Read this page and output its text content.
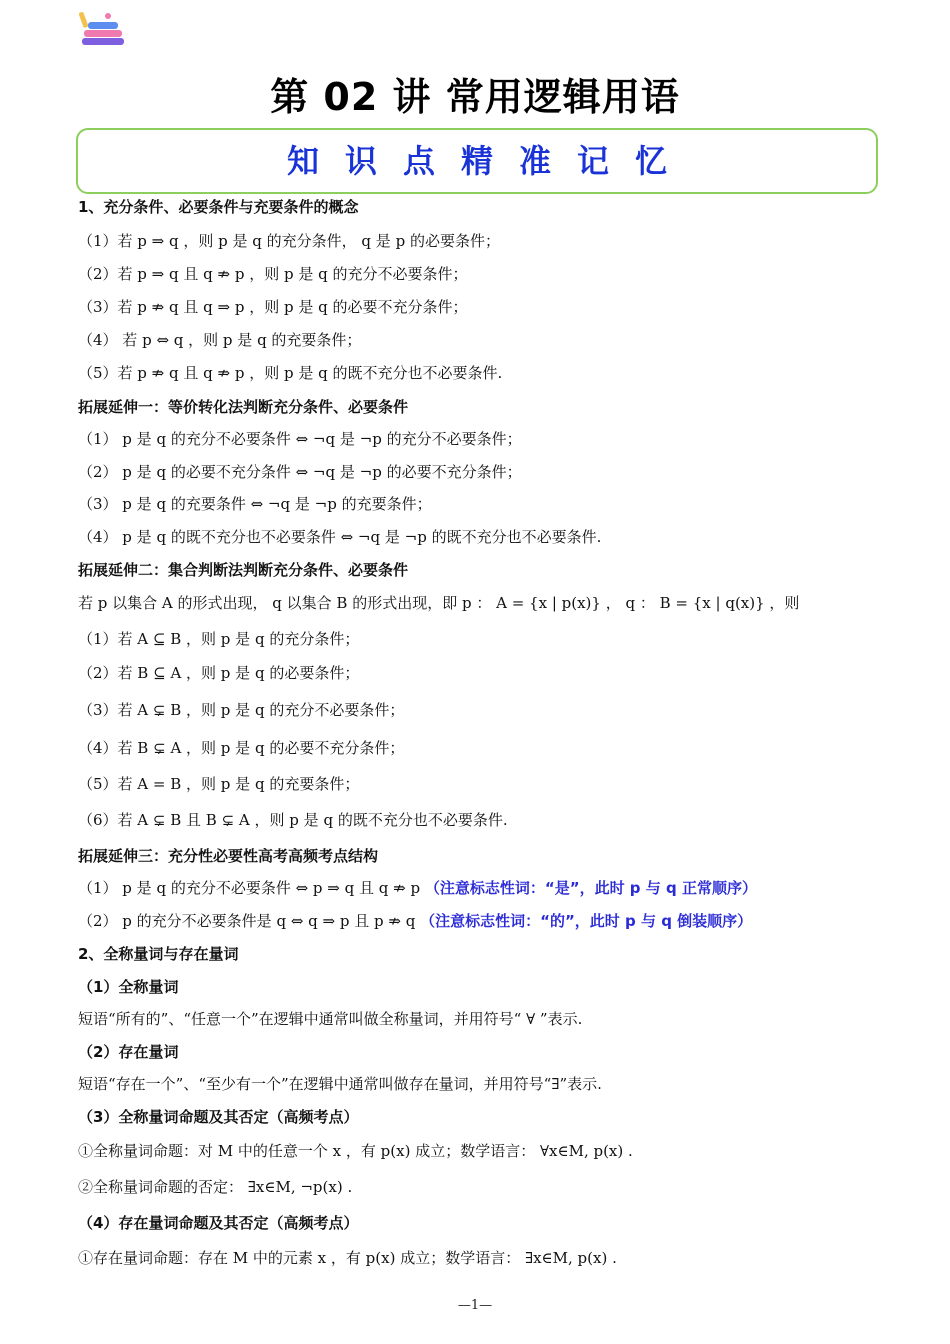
第 02 讲 常用逻辑用语
知识点精准记忆
1、充分条件、必要条件与充要条件的概念
（1）若 p ⇒ q ，则 p 是 q 的充分条件， q 是 p 的必要条件；
（2）若 p ⇒ q 且 q ⇏ p ，则 p 是 q 的充分不必要条件；
（3）若 p ⇏ q 且 q ⇒ p ，则 p 是 q 的必要不充分条件；
（4） 若 p ⇔ q ，则 p 是 q 的充要条件；
（5）若 p ⇏ q 且 q ⇏ p ，则 p 是 q 的既不充分也不必要条件.
拓展延伸一：等价转化法判断充分条件、必要条件
（1） p 是 q 的充分不必要条件 ⇔ ¬q 是 ¬p 的充分不必要条件；
（2） p 是 q 的必要不充分条件 ⇔ ¬q 是 ¬p 的必要不充分条件；
（3） p 是 q 的充要条件 ⇔ ¬q 是 ¬p 的充要条件；
（4） p 是 q 的既不充分也不必要条件 ⇔ ¬q 是 ¬p 的既不充分也不必要条件.
拓展延伸二：集合判断法判断充分条件、必要条件
若 p 以集合 A 的形式出现， q 以集合 B 的形式出现，即 p ： A = {x | p(x)} ， q ： B = {x | q(x)} ，则
（1）若 A ⊆ B ，则 p 是 q 的充分条件；
（2）若 B ⊆ A ，则 p 是 q 的必要条件；
（3）若 A ⊊ B ，则 p 是 q 的充分不必要条件；
（4）若 B ⊊ A ，则 p 是 q 的必要不充分条件；
（5）若 A = B ，则 p 是 q 的充要条件；
（6）若 A ⊊ B 且 B ⊊ A ，则 p 是 q 的既不充分也不必要条件.
拓展延伸三：充分性必要性高考高频考点结构
（1） p 是 q 的充分不必要条件 ⇔ p ⇒ q 且 q ⇏ p （注意标志性词：“是”，此时 p 与 q 正常顺序）
（2） p 的充分不必要条件是 q ⇔ q ⇒ p 且 p ⇏ q （注意标志性词：“的”，此时 p 与 q 倒装顺序）
2、全称量词与存在量词
（1）全称量词
短语“所有的”、“任意一个”在逻辑中通常叫做全称量词，并用符号“ ∀ ”表示.
（2）存在量词
短语“存在一个”、“至少有一个”在逻辑中通常叫做存在量词，并用符号“∃”表示.
（3）全称量词命题及其否定（高频考点）
①全称量词命题：对 M 中的任意一个 x ，有 p(x) 成立；数学语言： ∀x∈M, p(x) .
②全称量词命题的否定： ∃x∈M, ¬p(x) .
（4）存在量词命题及其否定（高频考点）
①存在量词命题：存在 M 中的元素 x ，有 p(x) 成立；数学语言： ∃x∈M, p(x) .
—1—
